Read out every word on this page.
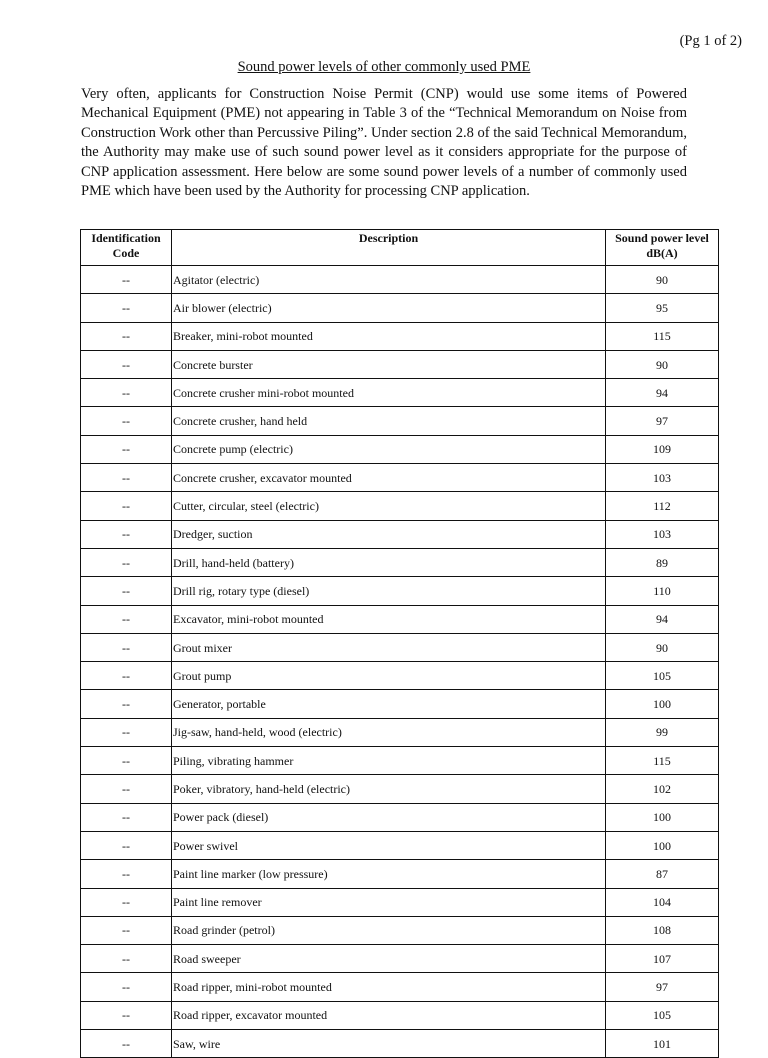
(Pg 1 of 2)
Sound power levels of other commonly used PME

Very often, applicants for Construction Noise Permit (CNP) would use some items of Powered Mechanical Equipment (PME) not appearing in Table 3 of the “Technical Memorandum on Noise from Construction Work other than Percussive Piling”. Under section 2.8 of the said Technical Memorandum, the Authority may make use of such sound power level as it considers appropriate for the purpose of CNP application assessment. Here below are some sound power levels of a number of commonly used PME which have been used by the Authority for processing CNP application.

Identification Code	Description	Sound power level dB(A)
--	Agitator (electric)	90
--	Air blower (electric)	95
--	Breaker, mini-robot mounted	115
--	Concrete burster	90
--	Concrete crusher mini-robot mounted	94
--	Concrete crusher, hand held	97
--	Concrete pump (electric)	109
--	Concrete crusher, excavator mounted	103
--	Cutter, circular, steel (electric)	112
--	Dredger, suction	103
--	Drill, hand-held (battery)	89
--	Drill rig, rotary type (diesel)	110
--	Excavator, mini-robot mounted	94
--	Grout mixer	90
--	Grout pump	105
--	Generator, portable	100
--	Jig-saw, hand-held, wood (electric)	99
--	Piling, vibrating hammer	115
--	Poker, vibratory, hand-held (electric)	102
--	Power pack (diesel)	100
--	Power swivel	100
--	Paint line marker (low pressure)	87
--	Paint line remover	104
--	Road grinder (petrol)	108
--	Road sweeper	107
--	Road ripper, mini-robot mounted	97
--	Road ripper, excavator mounted	105
--	Saw, wire	101
